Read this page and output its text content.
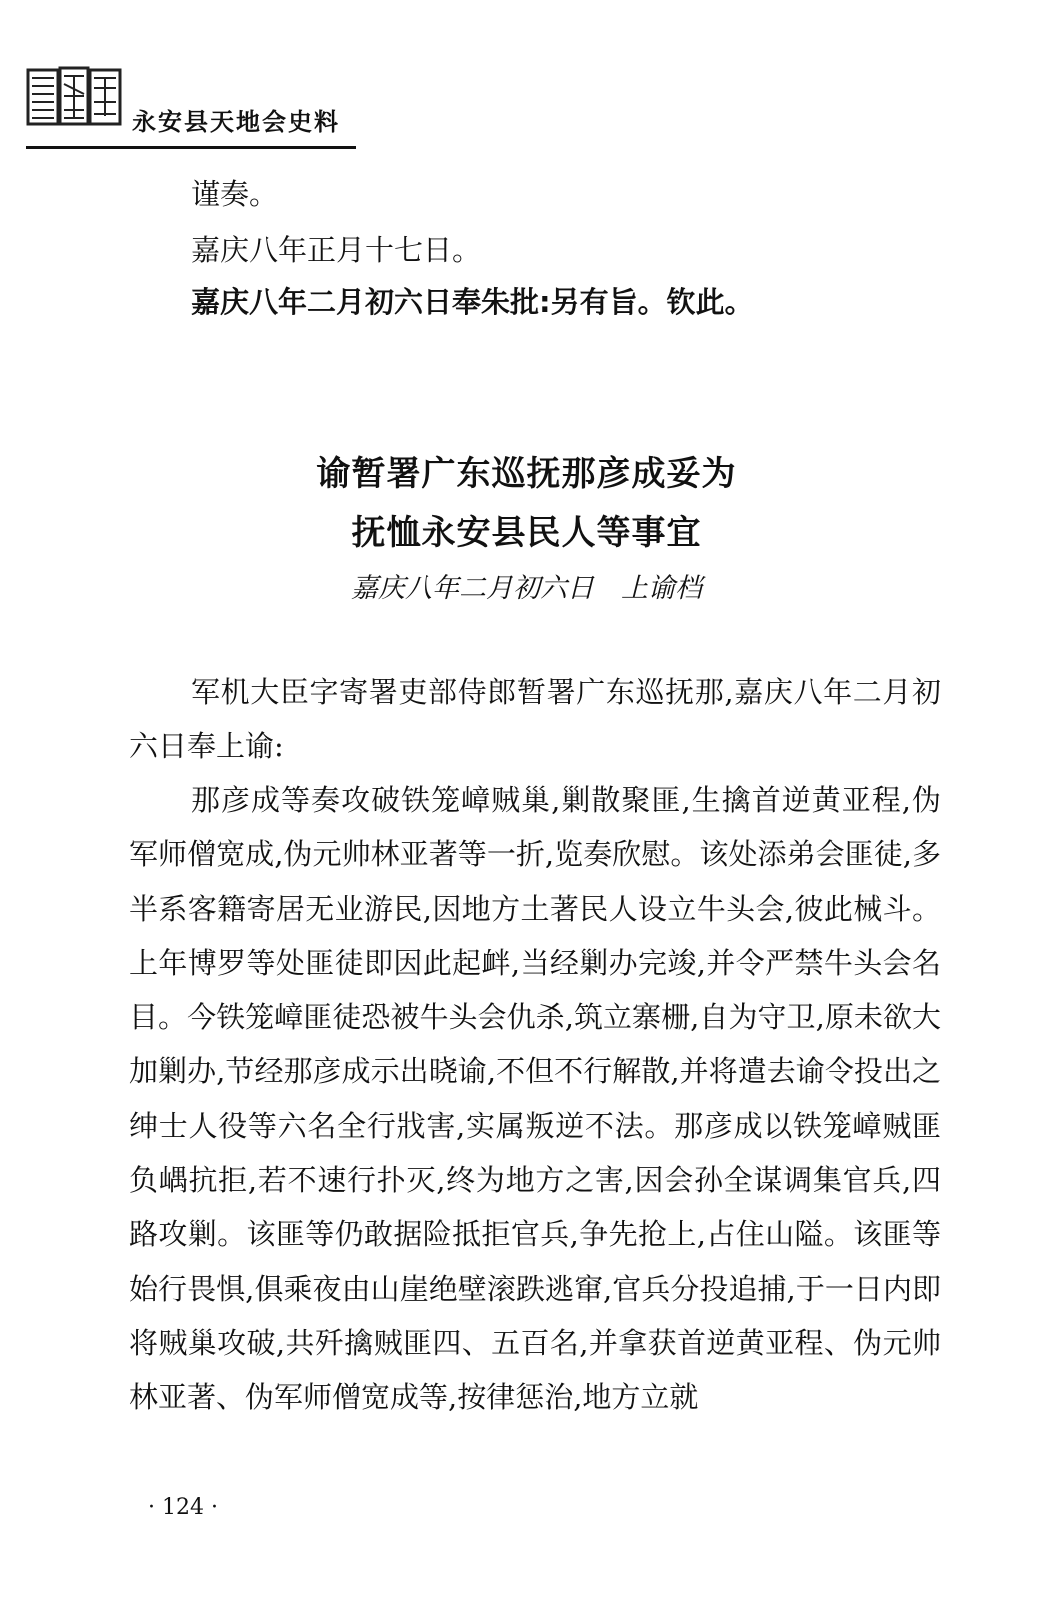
永安县天地会史料
谨奏。
嘉庆八年正月十七日。
嘉庆八年二月初六日奉朱批:另有旨。钦此。
谕暂署广东巡抚那彦成妥为
抚恤永安县民人等事宜
嘉庆八年二月初六日　上谕档
军机大臣字寄署吏部侍郎暂署广东巡抚那,嘉庆八年二月初六日奉上谕:
那彦成等奏攻破铁笼嶂贼巢,剿散聚匪,生擒首逆黄亚程,伪军师僧宽成,伪元帅林亚著等一折,览奏欣慰。该处添弟会匪徒,多半系客籍寄居无业游民,因地方土著民人设立牛头会,彼此械斗。上年博罗等处匪徒即因此起衅,当经剿办完竣,并令严禁牛头会名目。今铁笼嶂匪徒恐被牛头会仇杀,筑立寨栅,自为守卫,原未欲大加剿办,节经那彦成示出晓谕,不但不行解散,并将遣去谕令投出之绅士人役等六名全行戕害,实属叛逆不法。那彦成以铁笼嶂贼匪负嵎抗拒,若不速行扑灭,终为地方之害,因会孙全谋调集官兵,四路攻剿。该匪等仍敢据险抵拒官兵,争先抢上,占住山隘。该匪等始行畏惧,俱乘夜由山崖绝壁滚跌逃窜,官兵分投追捕,于一日内即将贼巢攻破,共歼擒贼匪四、五百名,并拿获首逆黄亚程、伪元帅林亚著、伪军师僧宽成等,按律惩治,地方立就
· 124 ·
